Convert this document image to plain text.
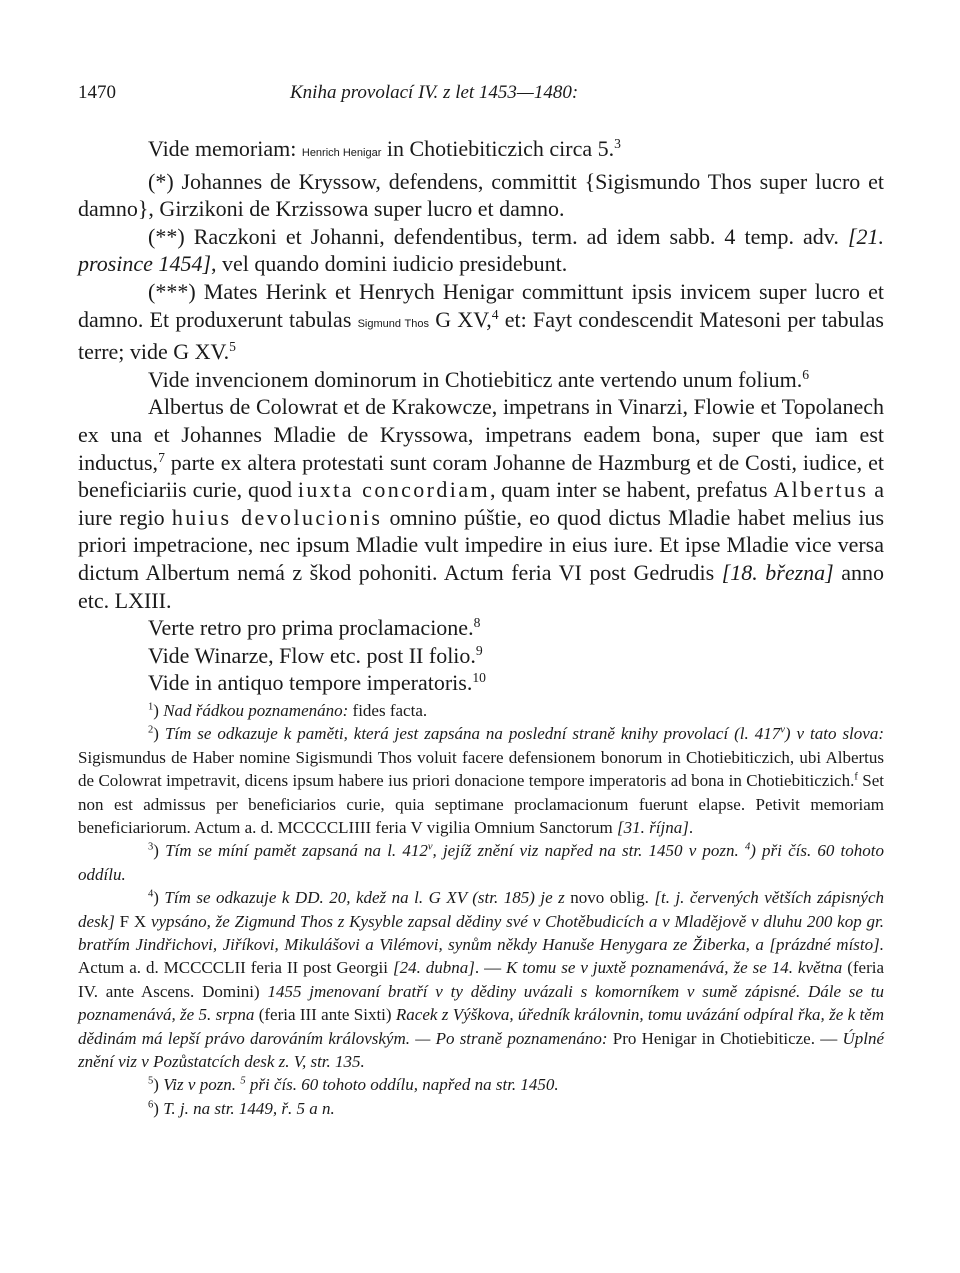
1470	Kniha provolací IV. z let 1453—1480:

Vide memoriam: Henrich Henigar in Chotiebiticzich circa 5.$^3$

(*) Johannes de Kryssow, defendens, committit {Sigismundo Thos super lucro et damno}, Girzikoni de Krzissowa super lucro et damno.

(**) Raczkoni et Johanni, defendentibus, term. ad idem sabb. 4 temp. adv. [21. prosince 1454], vel quando domini iudicio presidebunt.

(***) Mates Herink et Henrych Henigar committunt ipsis invicem super lucro et damno. Et produxerunt tabulas Sigmund Thos G XV,$^4$ et: Fayt condescendit Matesoni per tabulas terre; vide G XV.$^5$

Vide invencionem dominorum in Chotiebiticz ante vertendo unum folium.$^6$

Albertus de Colowrat et de Krakowcze, impetrans in Vinarzi, Flowie et Topolanech ex una et Johannes Mladie de Kryssowa, impetrans eadem bona, super que iam est inductus,$^7$ parte ex altera protestati sunt coram Johanne de Hazmburg et de Costi, iudice, et beneficiariis curie, quod iuxta concordiam, quam inter se habent, prefatus Albertus a iure regio huius devolucionis omnino púštie, eo quod dictus Mladie habet melius ius priori impetracione, nec ipsum Mladie vult impedire in eius iure. Et ipse Mladie vice versa dictum Albertum nemá z škod pohoniti. Actum feria VI post Gedrudis [18. března] anno etc. LXIII.

Verte retro pro prima proclamacione.$^8$

Vide Winarze, Flow etc. post II folio.$^9$

Vide in antiquo tempore imperatoris.$^{10}$

$^1$) Nad řádkou poznamenáno: fides facta.

$^2$) Tím se odkazuje k paměti, která jest zapsána na poslední straně knihy provolací (l. 417$^v$) v tato slova: Sigismundus de Haber nomine Sigismundi Thos voluit facere defensionem bonorum in Chotiebiticzich, ubi Albertus de Colowrat impetravit, dicens ipsum habere ius priori donacione tempore imperatoris ad bona in Chotiebiticzich.$^f$ Set non est admissus per beneficiarios curie, quia septimane proclamacionum fuerunt elapse. Petivit memoriam beneficiariorum. Actum a. d. MCCCCLIIII feria V vigilia Omnium Sanctorum [31. října].

$^3$) Tím se míní pamět zapsaná na l. 412$^v$, jejíž znění viz napřed na str. 1450 v pozn. $^4$) při čís. 60 tohoto oddílu.

$^4$) Tím se odkazuje k DD. 20, kdež na l. G XV (str. 185) je z novo oblig. [t. j. červených větších zápisných desk] F X vypsáno, že Zigmund Thos z Kysyble zapsal dědiny své v Chotěbudicích a v Mladějově v dluhu 200 kop gr. bratřím Jindřichovi, Jiříkovi, Mikulášovi a Vilémovi, synům někdy Hanuše Henygara ze Žiberka, a [prázdné místo]. Actum a. d. MCCCCLII feria II post Georgii [24. dubna]. — K tomu se v juxtě poznamenává, že se 14. května (feria IV. ante Ascens. Domini) 1455 jmenovaní bratří v ty dědiny uvázali s komorníkem v sumě zápisné. Dále se tu poznamenává, že 5. srpna (feria III ante Sixti) Racek z Výškova, úředník královnin, tomu uvázání odpíral řka, že k těm dědinám má lepší právo darováním královským. — Po straně poznamenáno: Pro Henigar in Chotiebiticze. — Úplné znění viz v Pozůstatcích desk z. V, str. 135.

$^5$) Viz v pozn. $^5$ při čís. 60 tohoto oddílu, napřed na str. 1450.

$^6$) T. j. na str. 1449, ř. 5 a n.
